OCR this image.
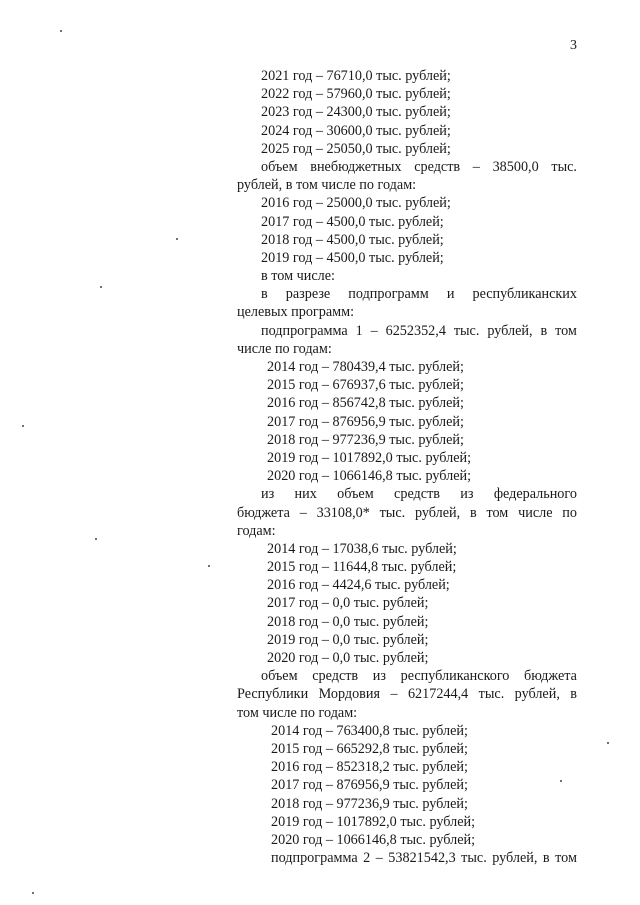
3
2021 год – 76710,0 тыс. рублей;
2022 год – 57960,0 тыс. рублей;
2023 год – 24300,0 тыс. рублей;
2024 год – 30600,0 тыс. рублей;
2025 год – 25050,0 тыс. рублей;
объем внебюджетных средств – 38500,0 тыс.
рублей, в том числе по годам:
2016 год – 25000,0 тыс. рублей;
2017 год – 4500,0 тыс. рублей;
2018 год – 4500,0 тыс. рублей;
2019 год – 4500,0 тыс. рублей;
в том числе:
в разрезе подпрограмм и республиканских
целевых программ:
подпрограмма 1 – 6252352,4 тыс. рублей, в том
числе по годам:
2014 год – 780439,4 тыс. рублей;
2015 год – 676937,6 тыс. рублей;
2016 год – 856742,8 тыс. рублей;
2017 год – 876956,9 тыс. рублей;
2018 год – 977236,9 тыс. рублей;
2019 год – 1017892,0 тыс. рублей;
2020 год – 1066146,8 тыс. рублей;
из них объем средств из федерального
бюджета – 33108,0* тыс. рублей, в том числе по
годам:
2014 год – 17038,6 тыс. рублей;
2015 год – 11644,8 тыс. рублей;
2016 год – 4424,6 тыс. рублей;
2017 год – 0,0 тыс. рублей;
2018 год – 0,0 тыс. рублей;
2019 год – 0,0 тыс. рублей;
2020 год – 0,0 тыс. рублей;
объем средств из республиканского бюджета
Республики Мордовия – 6217244,4 тыс. рублей, в
том числе по годам:
2014 год – 763400,8 тыс. рублей;
2015 год – 665292,8 тыс. рублей;
2016 год – 852318,2 тыс. рублей;
2017 год – 876956,9 тыс. рублей;
2018 год – 977236,9 тыс. рублей;
2019 год – 1017892,0 тыс. рублей;
2020 год – 1066146,8 тыс. рублей;
подпрограмма 2 – 53821542,3 тыс. рублей, в том
